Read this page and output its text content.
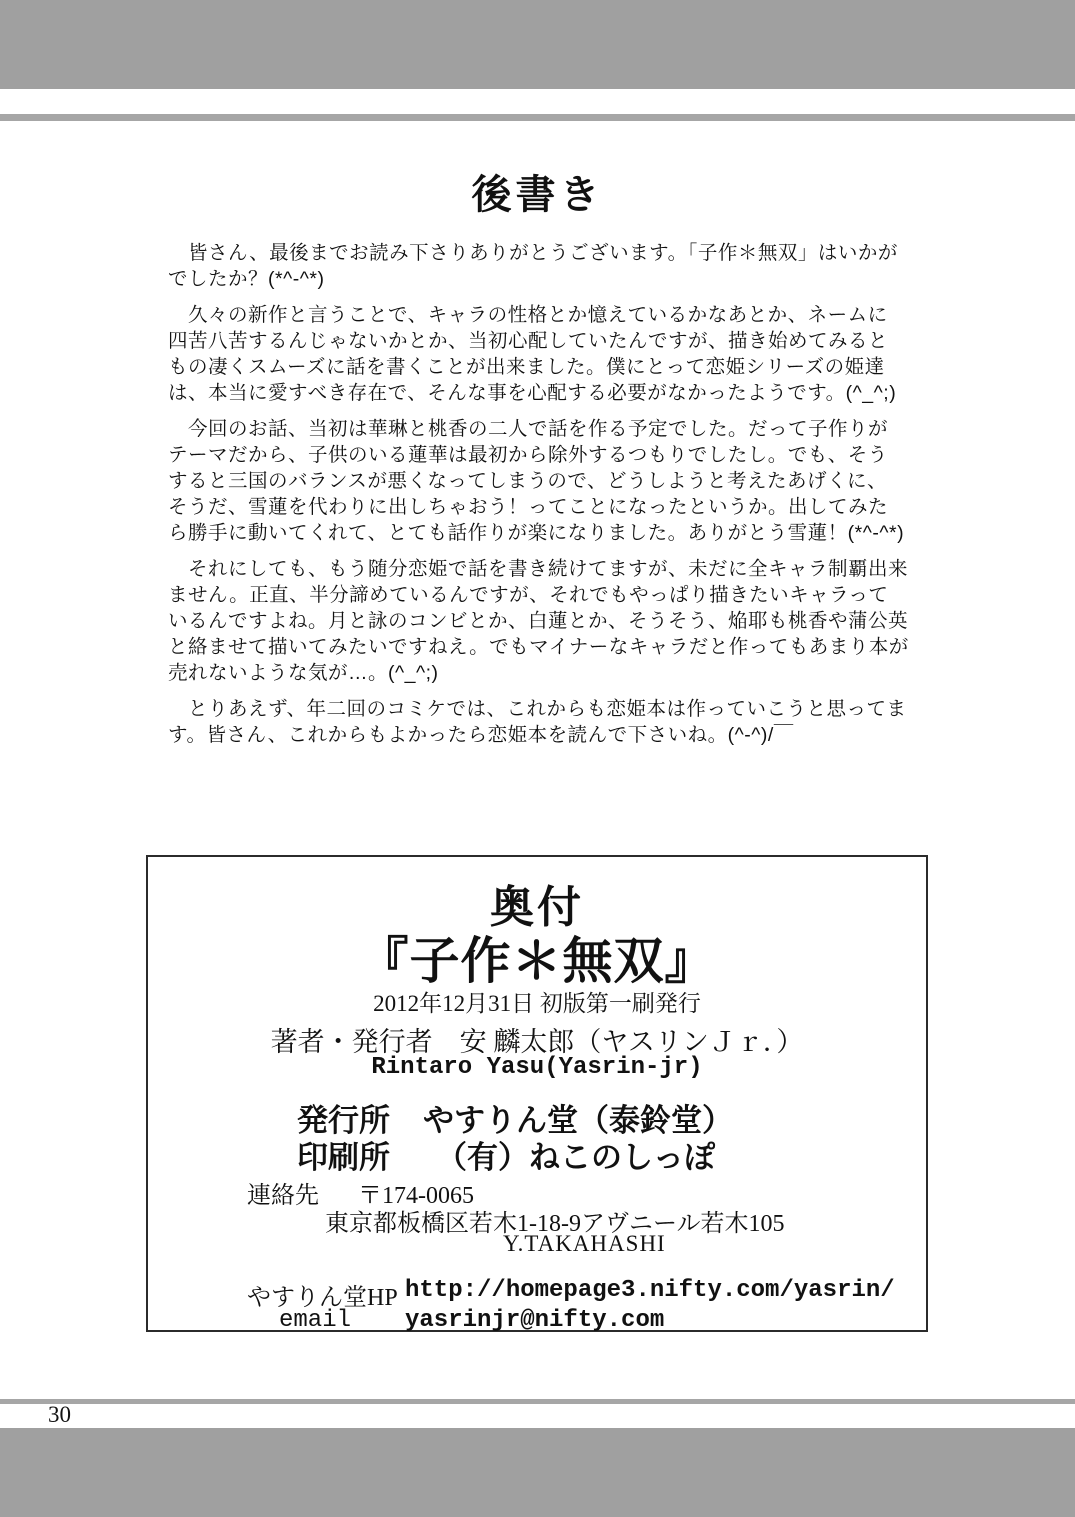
後書き

　皆さん、最後までお読み下さりありがとうございます。「子作＊無双」はいかが
でしたか？(*^-^*)

　久々の新作と言うことで、キャラの性格とか憶えているかなあとか、ネームに
四苦八苦するんじゃないかとか、当初心配していたんですが、描き始めてみると
もの凄くスムーズに話を書くことが出来ました。僕にとって恋姫シリーズの姫達
は、本当に愛すべき存在で、そんな事を心配する必要がなかったようです。(^_^;)

　今回のお話、当初は華琳と桃香の二人で話を作る予定でした。だって子作りが
テーマだから、子供のいる蓮華は最初から除外するつもりでしたし。でも、そう
すると三国のバランスが悪くなってしまうので、どうしようと考えたあげくに、
そうだ、雪蓮を代わりに出しちゃおう！ってことになったというか。出してみた
ら勝手に動いてくれて、とても話作りが楽になりました。ありがとう雪蓮！(*^-^*)

　それにしても、もう随分恋姫で話を書き続けてますが、未だに全キャラ制覇出来
ません。正直、半分諦めているんですが、それでもやっぱり描きたいキャラって
いるんですよね。月と詠のコンビとか、白蓮とか、そうそう、焔耶も桃香や蒲公英
と絡ませて描いてみたいですねえ。でもマイナーなキャラだと作ってもあまり本が
売れないような気が…。(^_^;)

　とりあえず、年二回のコミケでは、これからも恋姫本は作っていこうと思ってま
す。皆さん、これからもよかったら恋姫本を読んで下さいね。(^-^)/￣

奥付
『子作＊無双』
2012年12月31日 初版第一刷発行
著者・発行者　安 麟太郎（ヤスリンＪｒ．）
Rintaro Yasu(Yasrin-jr)
発行所 やすりん堂（泰鈴堂）
印刷所 （有）ねこのしっぽ
連絡先 〒174-0065
東京都板橋区若木1-18-9アヴニール若木105
Y.TAKAHASHI
やすりん堂HP http://homepage3.nifty.com/yasrin/
email yasrinjr@nifty.com
30
